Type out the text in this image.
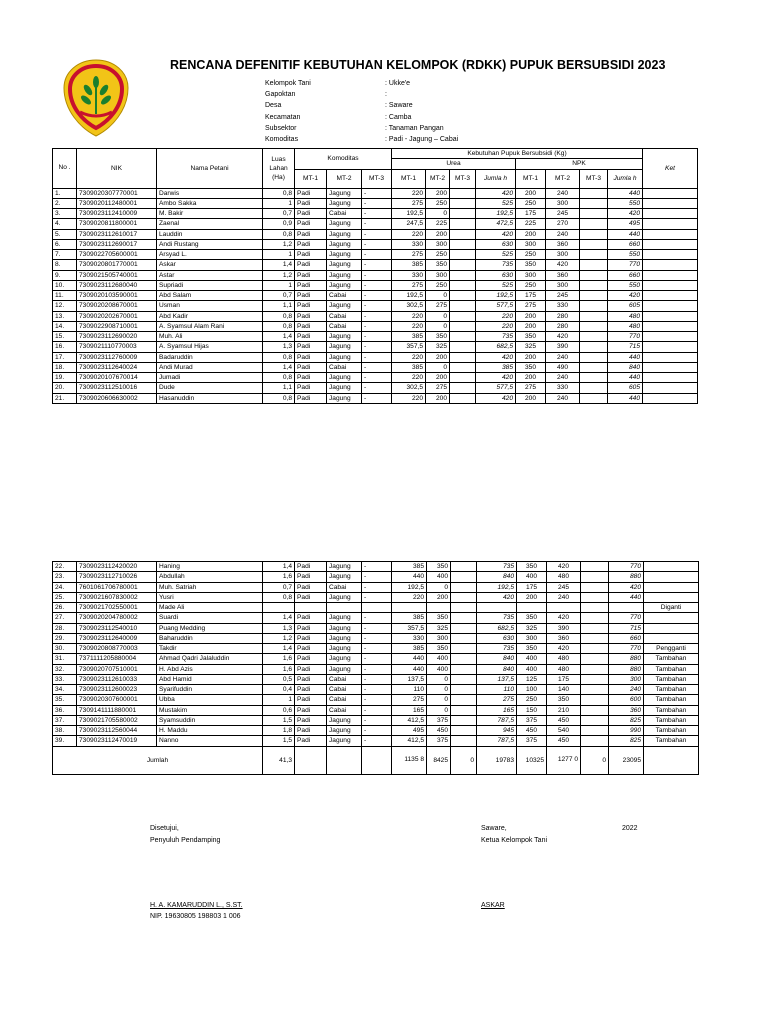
RENCANA DEFENITIF KEBUTUHAN KELOMPOK (RDKK) PUPUK BERSUBSIDI 2023
Kelompok Tani	: Ukke'e
Gapoktan	:
Desa	: Saware
Kecamatan	: Camba
Subsektor	: Tanaman Pangan
Komoditas	: Padi - Jagung – Cabai
No .	NIK	Nama Petani	Luas Lahan (Ha)	Komoditas			Kebutuhan Pupuk Bersubsidi (Kg)								Ket
							Urea				NPK				
				MT-1	MT-2	MT-3	MT-1	MT-2	MT-3	Jumla h	MT-1	MT-2	MT-3	Jumla h	
1.	7309020307770001	Darwis	0,8	Padi	Jagung	-	220	200		420	200	240		440	
2.	7309020112480001	Ambo Sakka	1	Padi	Jagung	-	275	250		525	250	300		550	
3.	7309023112410009	M. Bakir	0,7	Padi	Cabai	-	192,5	0		192,5	175	245		420	
4.	7309020811800001	Zaenal	0,9	Padi	Jagung	-	247,5	225		472,5	225	270		495	
5.	7309023112610017	Lauddin	0,8	Padi	Jagung	-	220	200		420	200	240		440	
6.	7309023112690017	Andi Rustang	1,2	Padi	Jagung	-	330	300		630	300	360		660	
7.	7309022705600001	Arsyad L.	1	Padi	Jagung	-	275	250		525	250	300		550	
8.	7309020801770001	Askar	1,4	Padi	Jagung	-	385	350		735	350	420		770	
9.	7309021505740001	Astar	1,2	Padi	Jagung	-	330	300		630	300	360		660	
10.	7309023112680040	Supriadi	1	Padi	Jagung	-	275	250		525	250	300		550	
11.	7309020103590001	Abd Salam	0,7	Padi	Cabai	-	192,5	0		192,5	175	245		420	
12.	7309020208670001	Usman	1,1	Padi	Jagung	-	302,5	275		577,5	275	330		605	
13.	7309020202670001	Abd Kadir	0,8	Padi	Cabai	-	220	0		220	200	280		480	
14.	7309022908710001	A. Syamsul Alam Rani	0,8	Padi	Cabai	-	220	0		220	200	280		480	
15.	7309023112690020	Muh. Ali	1,4	Padi	Jagung	-	385	350		735	350	420		770	
16.	7309021110770003	A. Syamsul Hijas	1,3	Padi	Jagung	-	357,5	325		682,5	325	390		715	
17.	7309023112760009	Badaruddin	0,8	Padi	Jagung	-	220	200		420	200	240		440	
18.	7309023112640024	Andi Murad	1,4	Padi	Cabai	-	385	0		385	350	490		840	
19.	7309020107670014	Jumadi	0,8	Padi	Jagung	-	220	200		420	200	240		440	
20.	7309023112510016	Dude	1,1	Padi	Jagung	-	302,5	275		577,5	275	330		605	
21.	7309020606630002	Hasanuddin	0,8	Padi	Jagung	-	220	200		420	200	240		440	
22.	7309023112420020	Haning	1,4	Padi	Jagung	-	385	350		735	350	420		770	
23.	7309023112710026	Abdullah	1,6	Padi	Jagung	-	440	400		840	400	480		880	
24.	7601061706780001	Muh. Satriah	0,7	Padi	Cabai	-	192,5	0		192,5	175	245		420	
25.	7309021607830002	Yusri	0,8	Padi	Jagung	-	220	200		420	200	240		440	
26.	7309021702550001	Made Ali													Diganti
27.	7309020204780002	Suardi	1,4	Padi	Jagung	-	385	350		735	350	420		770	
28.	7309023112540010	Puang Medding	1,3	Padi	Jagung	-	357,5	325		682,5	325	390		715	
29.	7309023112640009	Baharuddin	1,2	Padi	Jagung	-	330	300		630	300	360		660	
30.	7309020808770003	Takdir	1,4	Padi	Jagung	-	385	350		735	350	420		770	Pengganti
31.	7371111205880004	Ahmad Qadri Jalaluddin	1,6	Padi	Jagung	-	440	400		840	400	480		880	Tambahan
32.	7309020707510001	H. Abd Azis	1,6	Padi	Jagung	-	440	400		840	400	480		880	Tambahan
33.	7309023112610033	Abd Hamid	0,5	Padi	Cabai	-	137,5	0		137,5	125	175		300	Tambahan
34.	7309023112600023	Syarifuddin	0,4	Padi	Cabai	-	110	0		110	100	140		240	Tambahan
35.	7309020307600001	Ubba	1	Padi	Cabai	-	275	0		275	250	350		600	Tambahan
36.	7309141111880001	Mustakim	0,6	Padi	Cabai	-	165	0		165	150	210		360	Tambahan
37.	7309021705580002	Syamsuddin	1,5	Padi	Jagung	-	412,5	375		787,5	375	450		825	Tambahan
38.	7309023112560044	H. Maddu	1,8	Padi	Jagung	-	495	450		945	450	540		990	Tambahan
39.	7309023112470019	Nanno	1,5	Padi	Jagung	-	412,5	375		787,5	375	450		825	Tambahan
Jumlah			41,3				1135 8	8425	0	19783	10325	1277 0	0	23095	
Disetujui,
Penyuluh Pendamping
H. A. KAMARUDDIN L., S.ST.
NIP. 19630805 198803 1 006
Saware,	2022
Ketua Kelompok Tani
ASKAR
